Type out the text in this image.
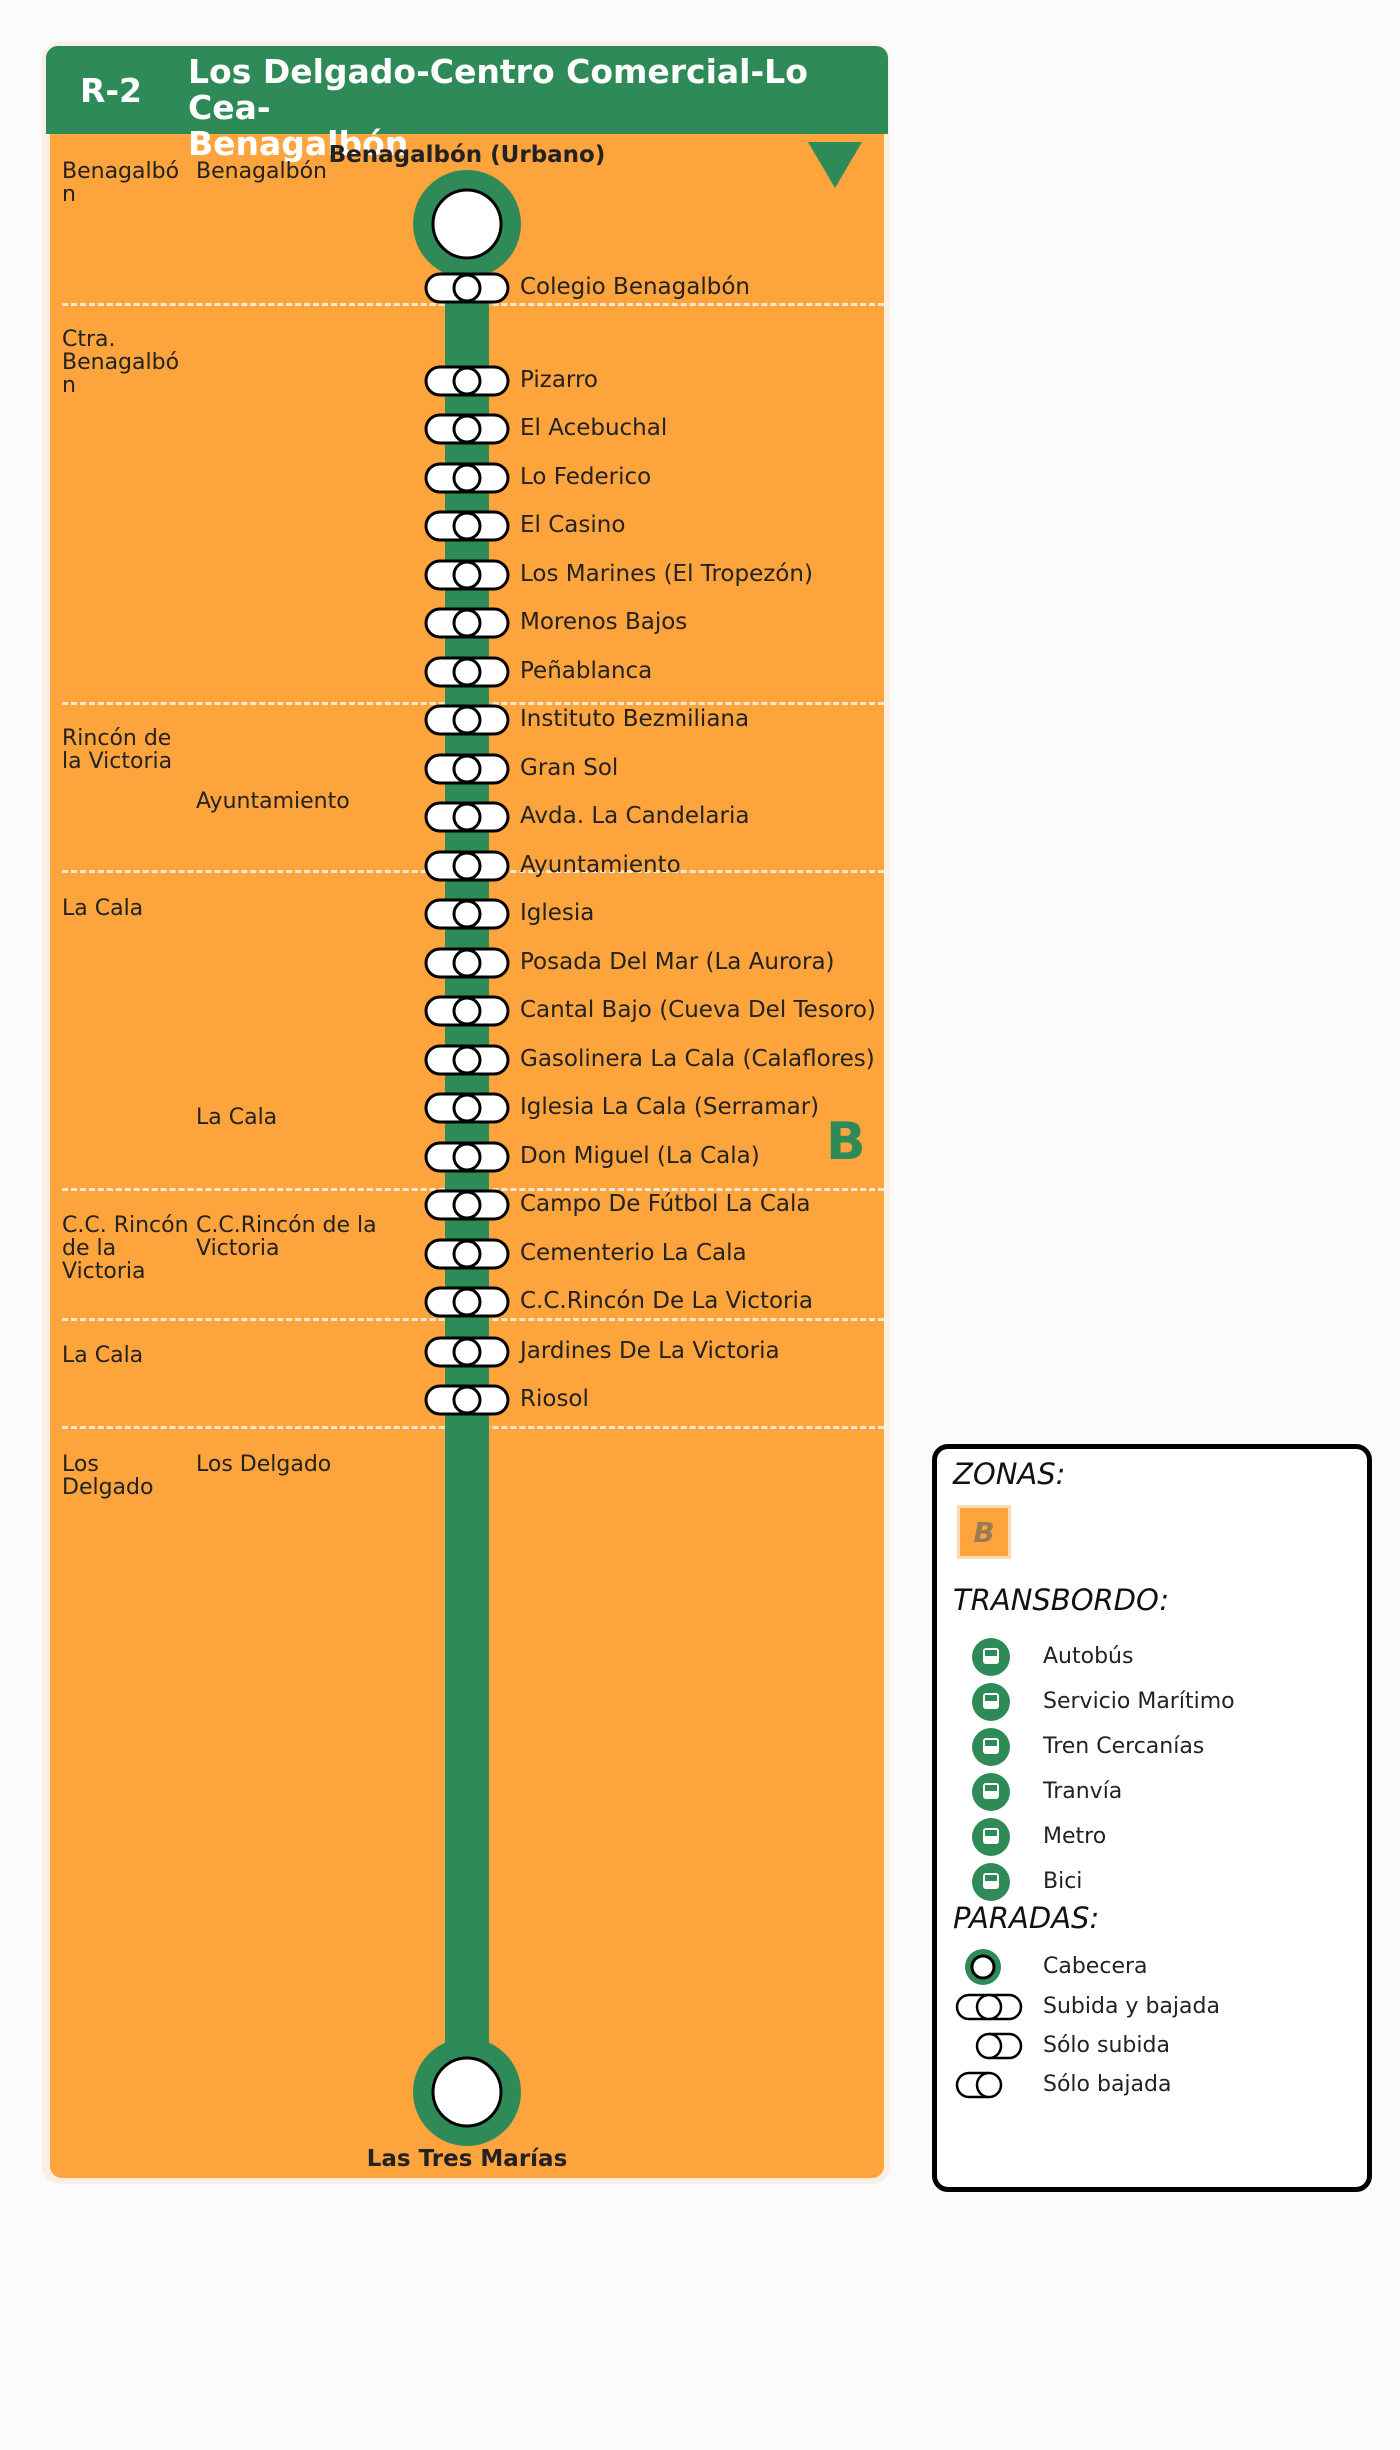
R-2	Los Delgado-Centro Comercial-Lo Cea-
Benagalbón
Benagalbó
n
Benagalbón
Ctra.
Benagalbó
n
Rincón de
la Victoria
Ayuntamiento
La Cala
La Cala
C.C. Rincón
de la
Victoria
C.C.Rincón de la
Victoria
La Cala
Los
Delgado
Los Delgado
Colegio Benagalbón
Pizarro
El Acebuchal
Lo Federico
El Casino
Los Marines (El Tropezón)
Morenos Bajos
Peñablanca
Instituto Bezmiliana
Gran Sol
Avda. La Candelaria
Ayuntamiento
Iglesia
Posada Del Mar (La Aurora)
Cantal Bajo (Cueva Del Tesoro)
Gasolinera La Cala (Calaflores)
Iglesia La Cala (Serramar)
Don Miguel (La Cala)
Campo De Fútbol La Cala
Cementerio La Cala
C.C.Rincón De La Victoria
Jardines De La Victoria
Riosol
Benagalbón (Urbano)
Las Tres Marías
B
ZONAS:
B
TRANSBORDO:
PARADAS:
Autobús
Servicio Marítimo
Tren Cercanías
Tranvía
Metro
Bici
Cabecera
Subida y bajada
Sólo subida
Sólo bajada
